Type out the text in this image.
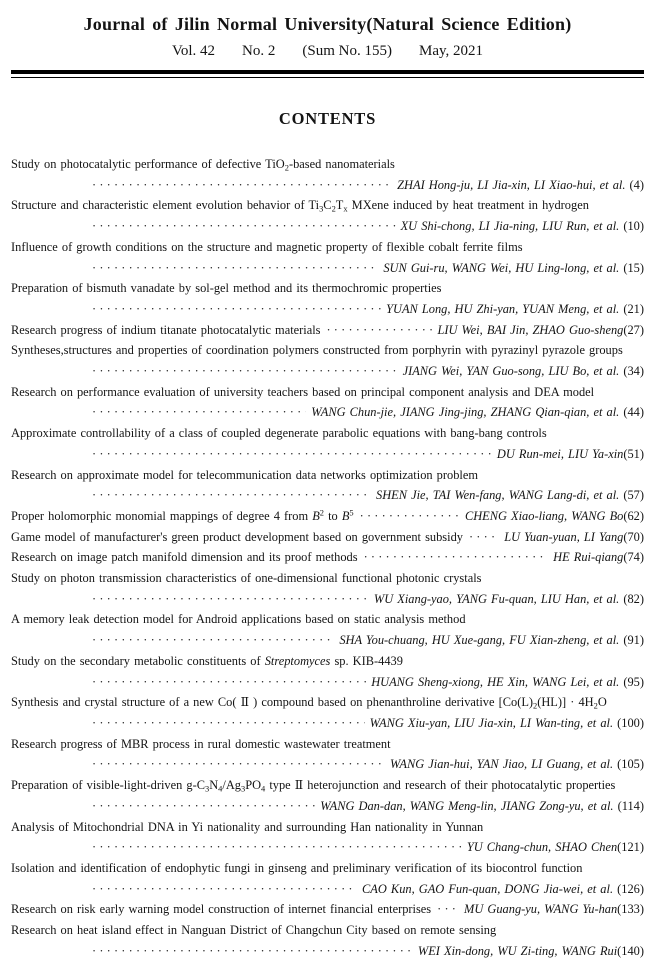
Journal of Jilin Normal University(Natural Science Edition)
Vol. 42 No. 2 (Sum No. 155) May, 2021
CONTENTS
Study on photocatalytic performance of defective TiO$_2$-based nanomaterials
·····
ZHAI Hong-ju, LI Jia-xin, LI Xiao-hui, et al. (4)
Structure and characteristic element evolution behavior of $Ti_3C_2T_x$ MXene induced by heat treatment in hydrogen
·····
XU Shi-chong, LI Jia-ning, LIU Run, et al. (10)
Influence of growth conditions on the structure and magnetic property of flexible cobalt ferrite films
·····
SUN Gui-ru, WANG Wei, HU Ling-long, et al. (15)
Preparation of bismuth vanadate by sol-gel method and its thermochromic properties
·····
YUAN Long, HU Zhi-yan, YUAN Meng, et al. (21)
Research progress of indium titanate photocatalytic materials ·····	LIU Wei, BAI Jin, ZHAO Guo-sheng(27)
Syntheses,structures and properties of coordination polymers constructed from porphyrin with pyrazinyl pyrazole groups
·····
JIANG Wei, YAN Guo-song, LIU Bo, et al. (34)
Research on performance evaluation of university teachers based on principal component analysis and DEA model
·····
WANG Chun-jie, JIANG Jing-jing, ZHANG Qian-qian, et al. (44)
Approximate controllability of a class of coupled degenerate parabolic equations with bang-bang controls
·····
DU Run-mei, LIU Ya-xin(51)
Research on approximate model for telecommunication data networks optimization problem
·····
SHEN Jie, TAI Wen-fang, WANG Lang-di, et al. (57)
Proper holomorphic monomial mappings of degree 4 from $B^2$ to $B^5$ ·····	CHENG Xiao-liang, WANG Bo(62)
Game model of manufacturer's green product development based on government subsidy ·····	LU Yuan-yuan, LI Yang(70)
Research on image patch manifold dimension and its proof methods ·····	HE Rui-qiang(74)
Study on photon transmission characteristics of one-dimensional functional photonic crystals
·····
WU Xiang-yao, YANG Fu-quan, LIU Han, et al. (82)
A memory leak detection model for Android applications based on static analysis method
·····
SHA You-chuang, HU Xue-gang, FU Xian-zheng, et al. (91)
Study on the secondary metabolic constituents of Streptomyces sp. KIB-4439
·····
HUANG Sheng-xiong, HE Xin, WANG Lei, et al. (95)
Synthesis and crystal structure of a new Co( Ⅱ ) compound based on phenanthroline derivative $[Co(L)_2(HL)] \cdot 4H_2O$
·····
WANG Xiu-yan, LIU Jia-xin, LI Wan-ting, et al. (100)
Research progress of MBR process in rural domestic wastewater treatment
·····
WANG Jian-hui, YAN Jiao, LI Guang, et al. (105)
Preparation of visible-light-driven $g-C_3N_4/Ag_3PO_4$ type Ⅱ heterojunction and research of their photocatalytic properties
·····
WANG Dan-dan, WANG Meng-lin, JIANG Zong-yu, et al. (114)
Analysis of Mitochondrial DNA in Yi nationality and surrounding Han nationality in Yunnan
·····
YU Chang-chun, SHAO Chen(121)
Isolation and identification of endophytic fungi in ginseng and preliminary verification of its biocontrol function
·····
CAO Kun, GAO Fun-quan, DONG Jia-wei, et al. (126)
Research on risk early warning model construction of internet financial enterprises ·····	MU Guang-yu, WANG Yu-han(133)
Research on heat island effect in Nanguan District of Changchun City based on remote sensing
·····
WEI Xin-dong, WU Zi-ting, WANG Rui(140)
